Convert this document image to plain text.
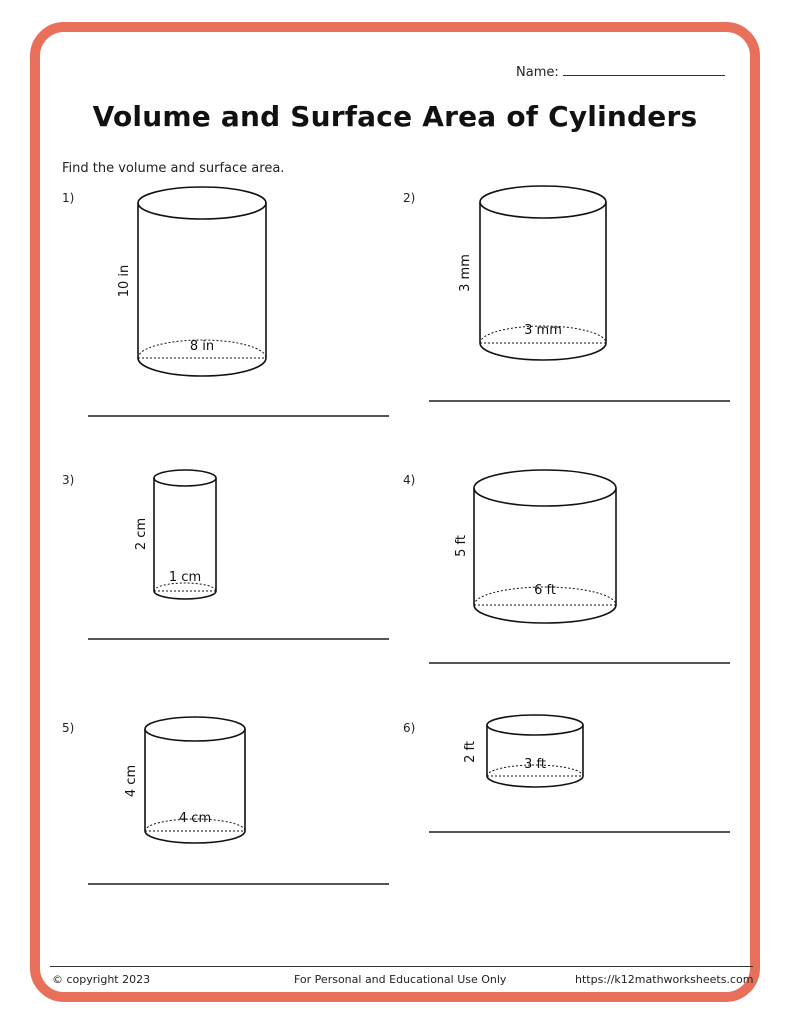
Name:
Volume and Surface Area of Cylinders
Find the volume and surface area.
1)	2)
3)	4)
5)	6)
8 in
3 mm
1 cm
6 ft
4 cm
3 ft
10 in	3 mm
2 cm	5 ft
4 cm
2 ft
© copyright 2023	For Personal and Educational Use Only	https://k12mathworksheets.com
